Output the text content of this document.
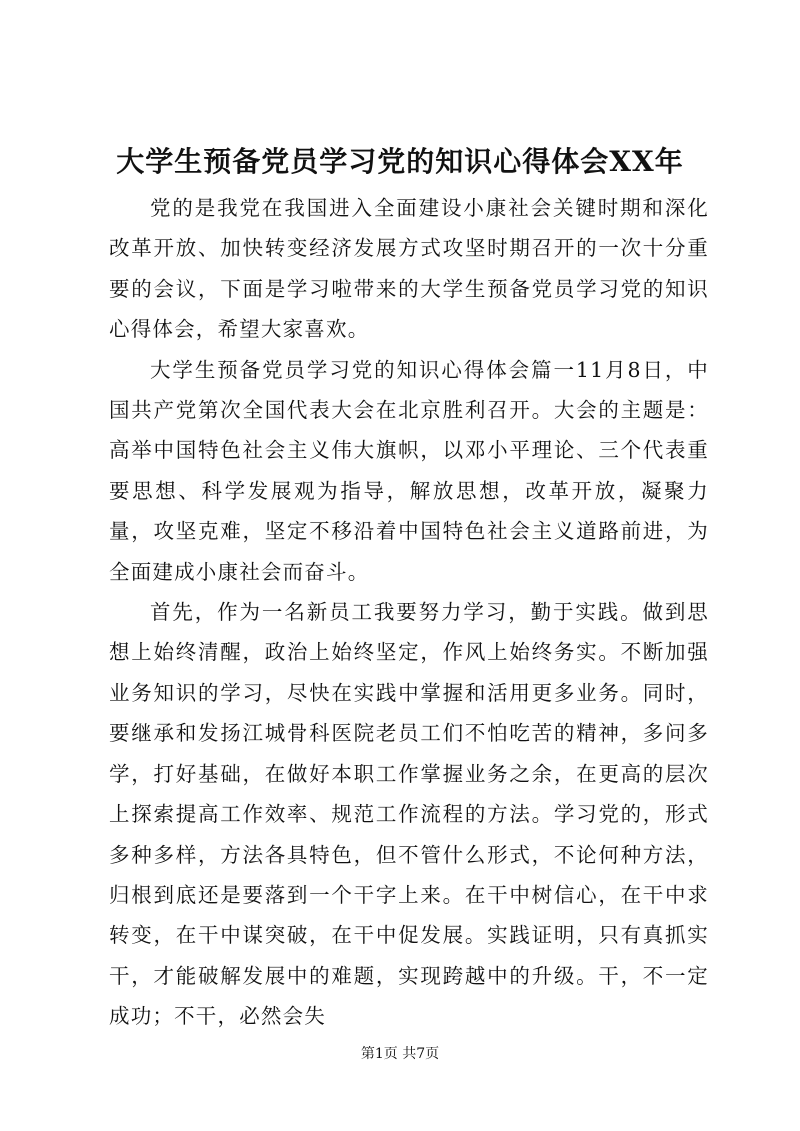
大学生预备党员学习党的知识心得体会XX年

党的是我党在我国进入全面建设小康社会关键时期和深化改革开放、加快转变经济发展方式攻坚时期召开的一次十分重要的会议，下面是学习啦带来的大学生预备党员学习党的知识心得体会，希望大家喜欢。

大学生预备党员学习党的知识心得体会篇一11月8日，中国共产党第次全国代表大会在北京胜利召开。大会的主题是：高举中国特色社会主义伟大旗帜，以邓小平理论、三个代表重要思想、科学发展观为指导，解放思想，改革开放，凝聚力量，攻坚克难，坚定不移沿着中国特色社会主义道路前进，为全面建成小康社会而奋斗。

首先，作为一名新员工我要努力学习，勤于实践。做到思想上始终清醒，政治上始终坚定，作风上始终务实。不断加强业务知识的学习，尽快在实践中掌握和活用更多业务。同时，要继承和发扬江城骨科医院老员工们不怕吃苦的精神，多问多学，打好基础，在做好本职工作掌握业务之余，在更高的层次上探索提高工作效率、规范工作流程的方法。学习党的，形式多种多样，方法各具特色，但不管什么形式，不论何种方法，归根到底还是要落到一个干字上来。在干中树信心，在干中求转变，在干中谋突破，在干中促发展。实践证明，只有真抓实干，才能破解发展中的难题，实现跨越中的升级。干，不一定成功；不干，必然会失

第1页 共7页
